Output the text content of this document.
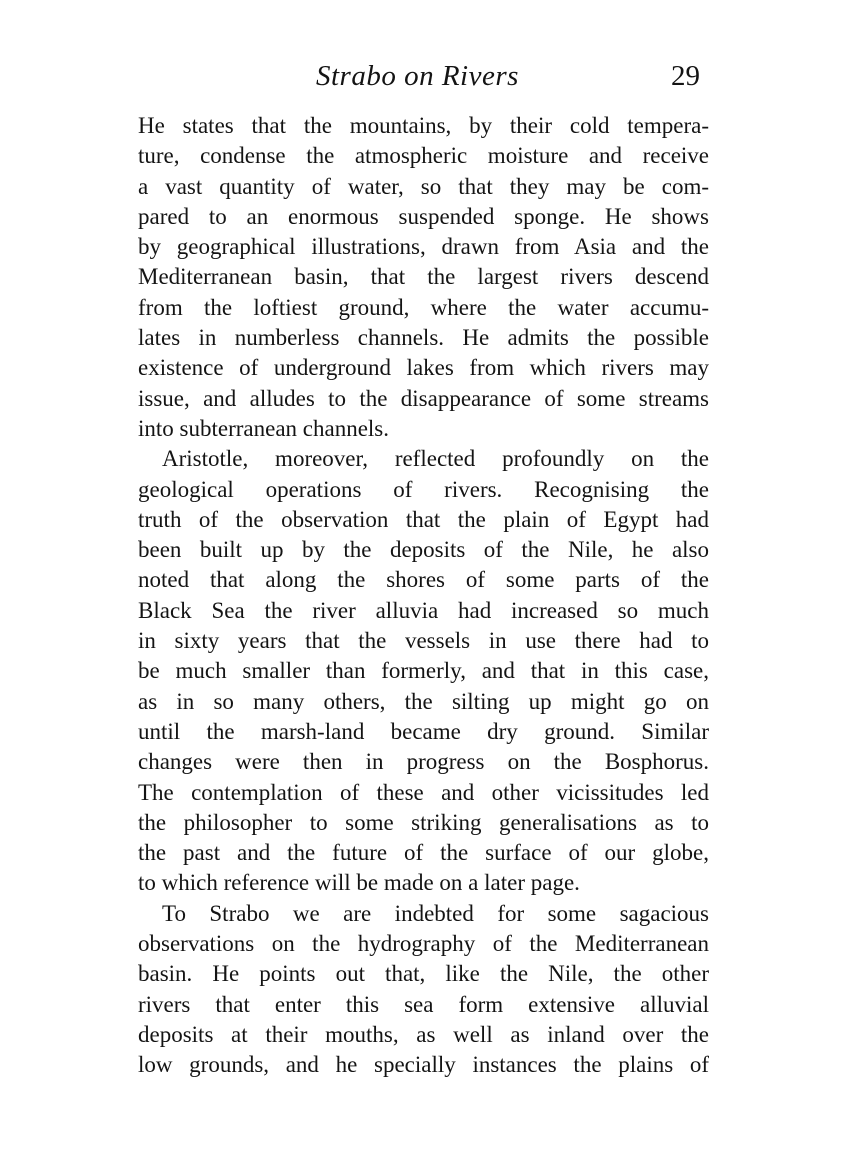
Strabo on Rivers	29
He states that the mountains, by their cold tempera-
ture, condense the atmospheric moisture and receive
a vast quantity of water, so that they may be com-
pared to an enormous suspended sponge. He shows
by geographical illustrations, drawn from Asia and the
Mediterranean basin, that the largest rivers descend
from the loftiest ground, where the water accumu-
lates in numberless channels. He admits the possible
existence of underground lakes from which rivers may
issue, and alludes to the disappearance of some streams
into subterranean channels.
Aristotle, moreover, reflected profoundly on the
geological operations of rivers. Recognising the
truth of the observation that the plain of Egypt had
been built up by the deposits of the Nile, he also
noted that along the shores of some parts of the
Black Sea the river alluvia had increased so much
in sixty years that the vessels in use there had to
be much smaller than formerly, and that in this case,
as in so many others, the silting up might go on
until the marsh-land became dry ground. Similar
changes were then in progress on the Bosphorus.
The contemplation of these and other vicissitudes led
the philosopher to some striking generalisations as to
the past and the future of the surface of our globe,
to which reference will be made on a later page.
To Strabo we are indebted for some sagacious
observations on the hydrography of the Mediterranean
basin. He points out that, like the Nile, the other
rivers that enter this sea form extensive alluvial
deposits at their mouths, as well as inland over the
low grounds, and he specially instances the plains of
